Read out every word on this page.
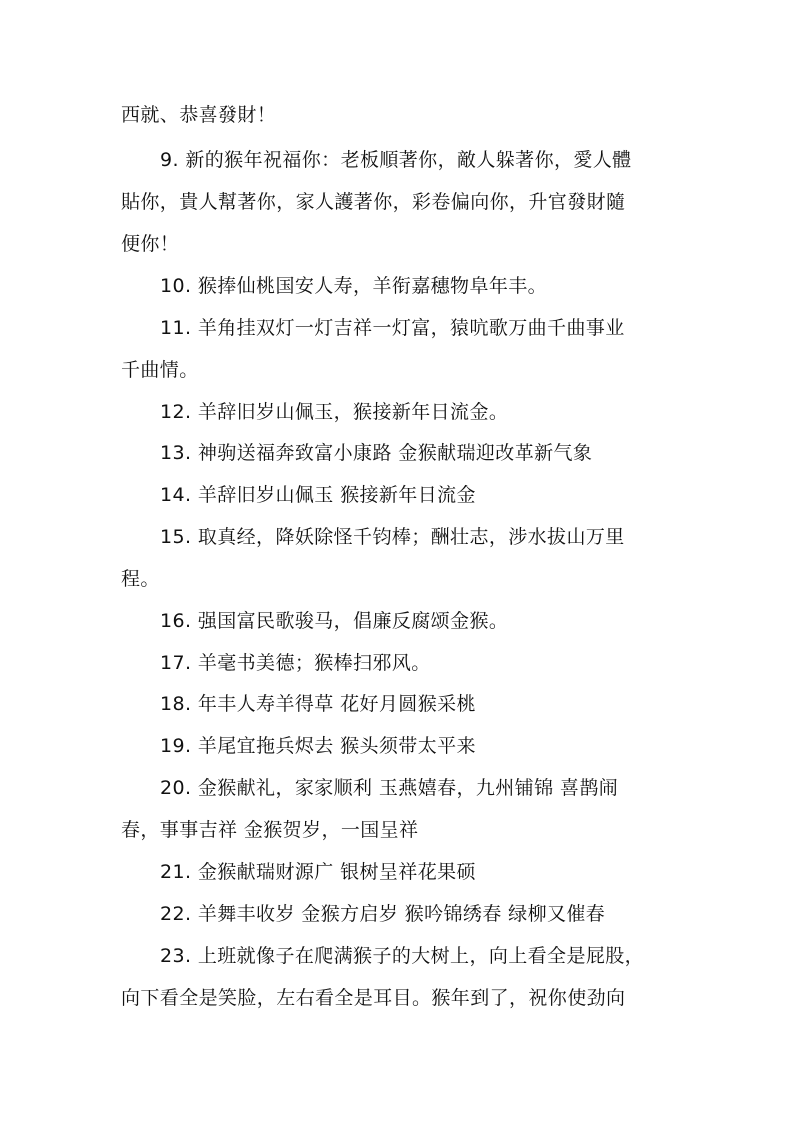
西就、恭喜發財！
9. 新的猴年祝福你：老板順著你，敵人躲著你，愛人體
貼你，貴人幫著你，家人護著你，彩卷偏向你，升官發財隨
便你！
10. 猴捧仙桃国安人寿，羊衔嘉穗物阜年丰。
11. 羊角挂双灯一灯吉祥一灯富，猿吭歌万曲千曲事业
千曲情。
12. 羊辞旧岁山佩玉，猴接新年日流金。
13. 神驹送福奔致富小康路 金猴献瑞迎改革新气象
14. 羊辞旧岁山佩玉 猴接新年日流金
15. 取真经，降妖除怪千钧棒；酬壮志，涉水拔山万里
程。
16. 强国富民歌骏马，倡廉反腐颂金猴。
17. 羊毫书美德；猴棒扫邪风。
18. 年丰人寿羊得草 花好月圆猴采桃
19. 羊尾宜拖兵烬去 猴头须带太平来
20. 金猴献礼，家家顺利 玉燕嬉春，九州铺锦 喜鹊闹
春，事事吉祥 金猴贺岁，一国呈祥
21. 金猴献瑞财源广 银树呈祥花果硕
22. 羊舞丰收岁 金猴方启岁 猴吟锦绣春 绿柳又催春
23. 上班就像子在爬满猴子的大树上，向上看全是屁股，
向下看全是笑脸，左右看全是耳目。猴年到了，祝你使劲向
